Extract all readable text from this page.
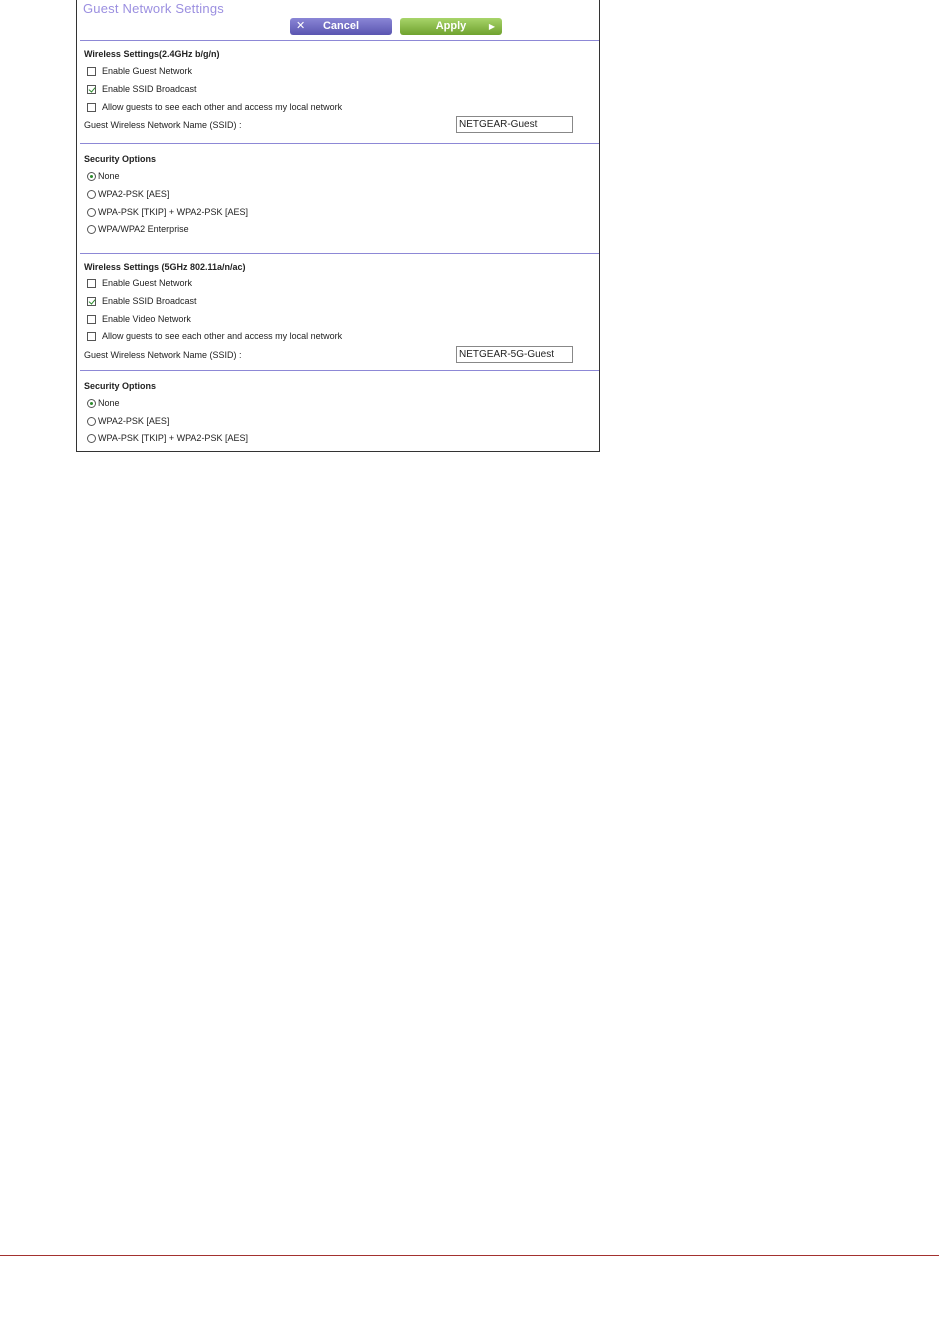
Guest Network Settings
✕ Cancel	Apply	▶
Wireless Settings(2.4GHz b/g/n)
Enable Guest Network
Enable SSID Broadcast
Allow guests to see each other and access my local network
Guest Wireless Network Name (SSID) :
NETGEAR-Guest
Security Options
None
WPA2-PSK [AES]
WPA-PSK [TKIP] + WPA2-PSK [AES]
WPA/WPA2 Enterprise
Wireless Settings (5GHz 802.11a/n/ac)
Enable Guest Network
Enable SSID Broadcast
Enable Video Network
Allow guests to see each other and access my local network
Guest Wireless Network Name (SSID) :
NETGEAR-5G-Guest
Security Options
None
WPA2-PSK [AES]
WPA-PSK [TKIP] + WPA2-PSK [AES]
